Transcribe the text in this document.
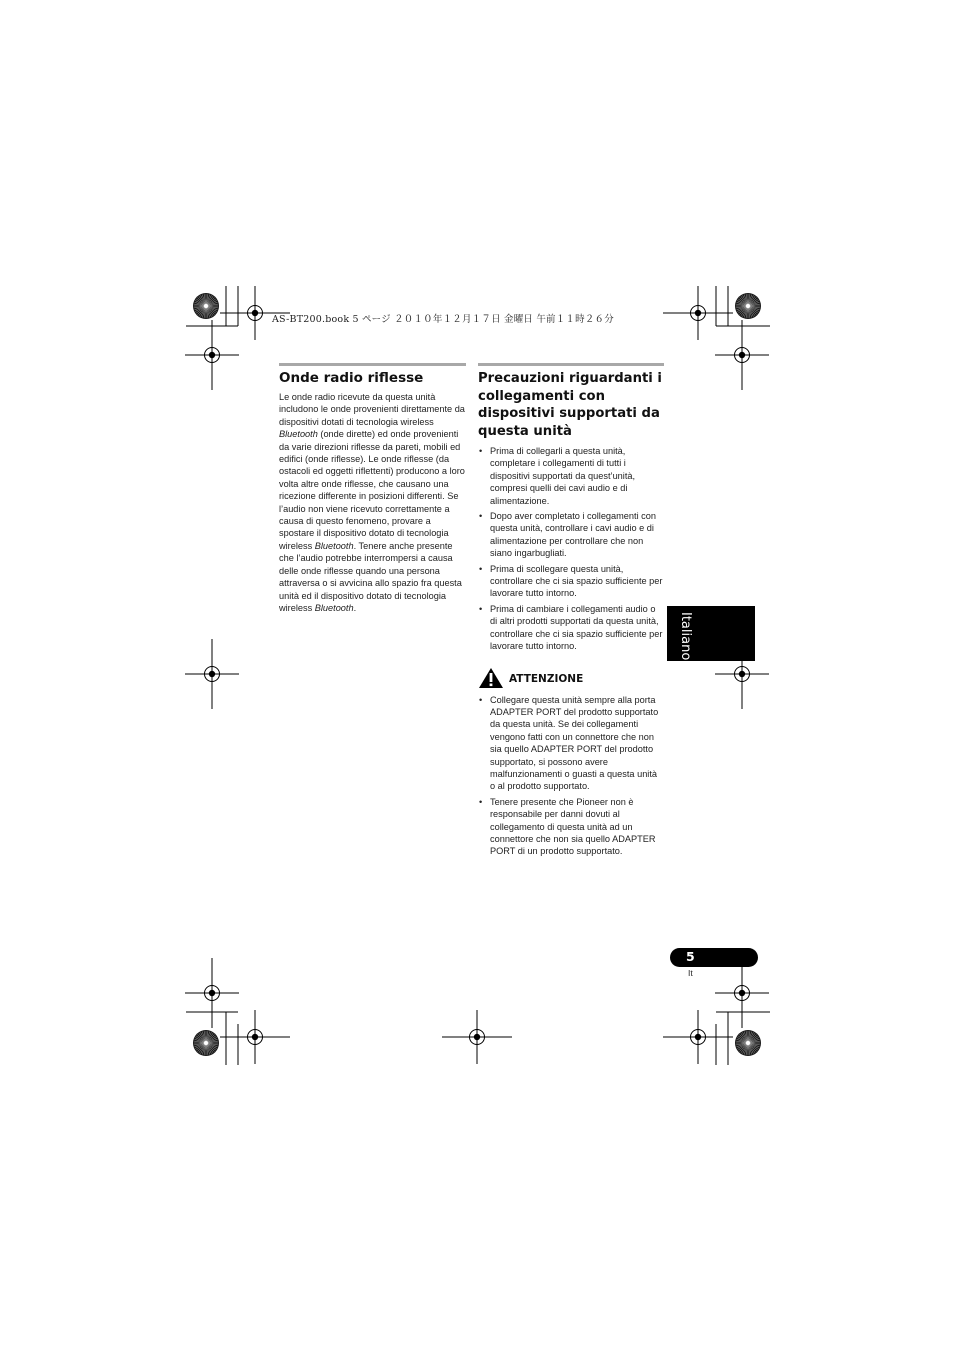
AS-BT200.book 5 ページ ２０１０年１２月１７日 金曜日 午前１１時２６分
Onde radio riflesse

Le onde radio ricevute da questa unità includono le onde provenienti direttamente da dispositivi dotati di tecnologia wireless Bluetooth (onde dirette) ed onde provenienti da varie direzioni riflesse da pareti, mobili ed edifici (onde riflesse). Le onde riflesse (da ostacoli ed oggetti riflettenti) producono a loro volta altre onde riflesse, che causano una ricezione differente in posizioni differenti. Se l’audio non viene ricevuto correttamente a causa di questo fenomeno, provare a spostare il dispositivo dotato di tecnologia wireless Bluetooth. Tenere anche presente che l’audio potrebbe interrompersi a causa delle onde riflesse quando una persona attraversa o si avvicina allo spazio fra questa unità ed il dispositivo dotato di tecnologia wireless Bluetooth.

Precauzioni riguardanti i collegamenti con dispositivi supportati da questa unità
• Prima di collegarli a questa unità, completare i collegamenti di tutti i dispositivi supportati da quest’unità, compresi quelli dei cavi audio e di alimentazione.
• Dopo aver completato i collegamenti con questa unità, controllare i cavi audio e di alimentazione per controllare che non siano ingarbugliati.
• Prima di scollegare questa unità, controllare che ci sia spazio sufficiente per lavorare tutto intorno.
• Prima di cambiare i collegamenti audio o di altri prodotti supportati da questa unità, controllare che ci sia spazio sufficiente per lavorare tutto intorno.
ATTENZIONE
• Collegare questa unità sempre alla porta ADAPTER PORT del prodotto supportato da questa unità. Se dei collegamenti vengono fatti con un connettore che non sia quello ADAPTER PORT del prodotto supportato, si possono avere malfunzionamenti o guasti a questa unità o al prodotto supportato.
• Tenere presente che Pioneer non è responsabile per danni dovuti al collegamento di questa unità ad un connettore che non sia quello ADAPTER PORT di un prodotto supportato.
Italiano
5
It
